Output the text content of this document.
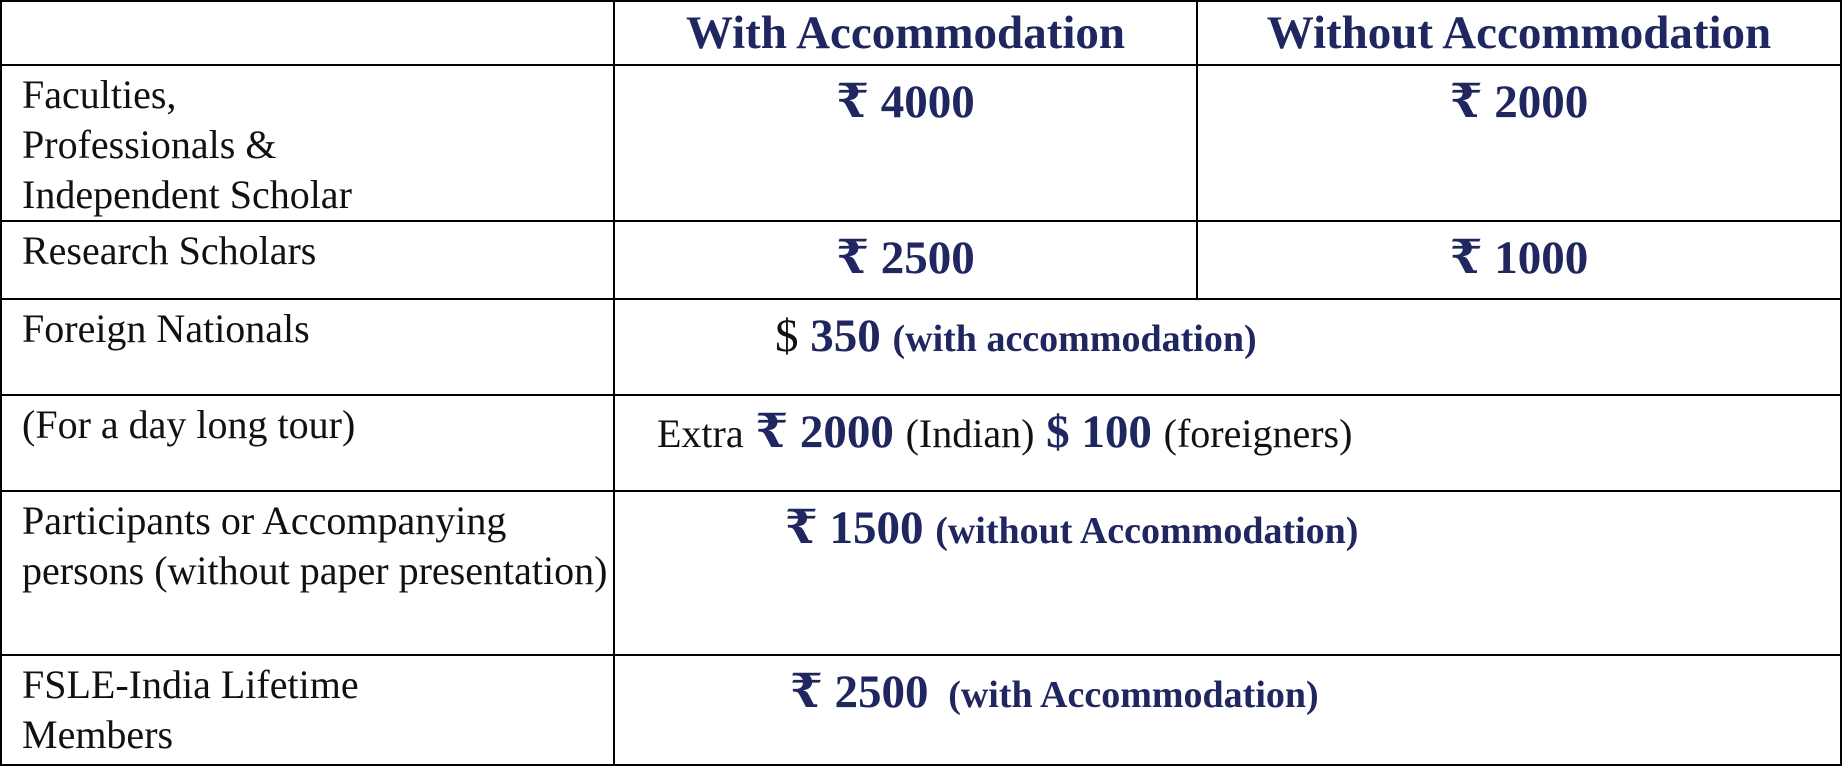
	With Accommodation	Without Accommodation
Faculties, Professionals & Independent Scholar	₹ 4000	₹ 2000
Research Scholars	₹ 2500	₹ 1000
Foreign Nationals	$ 350 (with accommodation)	
(For a day long tour)	Extra ₹ 2000 (Indian) $ 100 (foreigners)	
Participants or Accompanying persons (without paper presentation)	₹ 1500 (without Accommodation)	
FSLE-India Lifetime Members	₹ 2500 (with Accommodation)	
